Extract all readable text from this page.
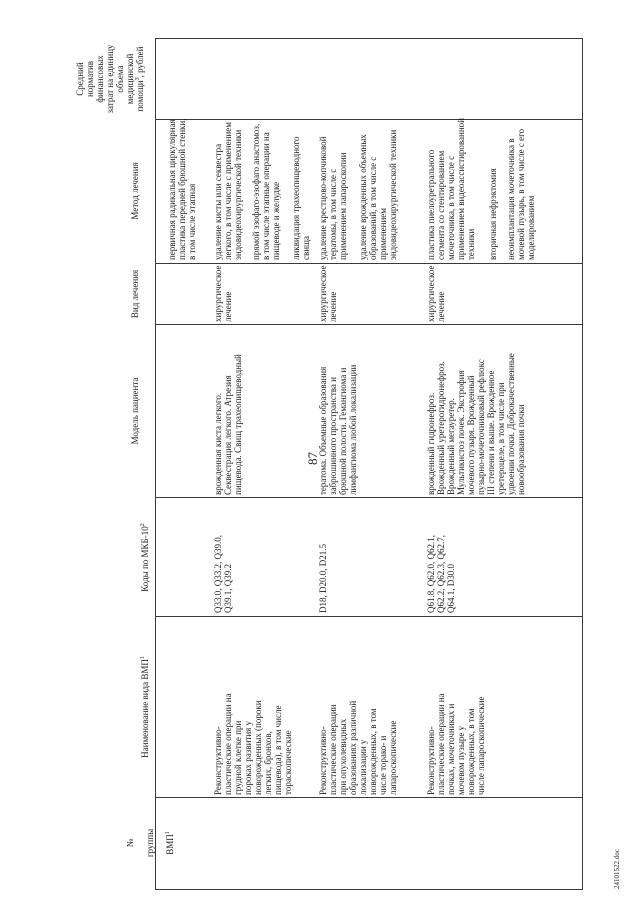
87
24101522.doc

№ группы ВМП$^1$

Наименование вида ВМП$^1$

Коды по МКБ-$10^2$

Модель пациента
Вид лечения
Метод лечения

Средний
норматив
финансовых
затрат на единицу
объема
медицинской
помощи$^3$, рублей

первичная радикальная циркулярная
пластика передней брюшной стенки,
в том числе этапная
Реконструктивно-
пластические операции на
грудной клетке при
пороках развития у
новорожденных (пороки
легких, бронхов,
пищевода), в том числе
тораскопические
Q33.0, Q33.2, Q39.0,
Q39.1, Q39.2
врожденная киста легкого.
Секвестрация легкого. Атрезия
пищевода. Свищ трахеопищеводный
хирургическое
лечение
удаление кисты или секвестра
легкого, в том числе с применением
эндовидеохирургической техники
прямой эзофаго-эзофаго анастомоз,
в том числе этапные операции на
пищеводе и желудке
ликвидация трахеопищеводного
свища
Реконструктивно-
пластические операции
при опухолевидных
образованиях различной
локализации у
новорожденных, в том
числе торако- и
лапароскопические
D18, D20.0, D21.5
тератома. Объемные образования
забрюшинного пространства и
брюшной полости. Гемангиома и
лимфангиома любой локализации
хирургическое
лечение
удаление крестцово-копчиковой
тератомы, в том числе с
применением лапароскопии
удаление врожденных объемных
образований, в том числе с
применением
эндовидеохирургической техники
Реконструктивно-
пластические операции на
почках, мочеточниках и
мочевом пузыре у
новорожденных, в том
числе лапароскопические
Q61.8, Q62.0, Q62.1,
Q62.2, Q62.3, Q62.7,
Q64.1, D30.0
врожденный гидронефроз.
Врожденный уретерогидронефроз.
Врожденный мегауретер.
Мультикистоз почек. Экстрофия
мочевого пузыря. Врожденный
пузырно-мочеточниковый рефлюкс
III степени и выше. Врожденное
уретероцеле, в том числе при
удвоении почки. Доброкачественные
новообразования почки
хирургическое
лечение
пластика пиелоуретрального
сегмента со стентированием
мочеточника, в том числе с
применением видеоассистированной
техники вторичная нефрэктомия неоимплантация мочеточника в
мочевой пузырь, в том числе с его
моделированием
